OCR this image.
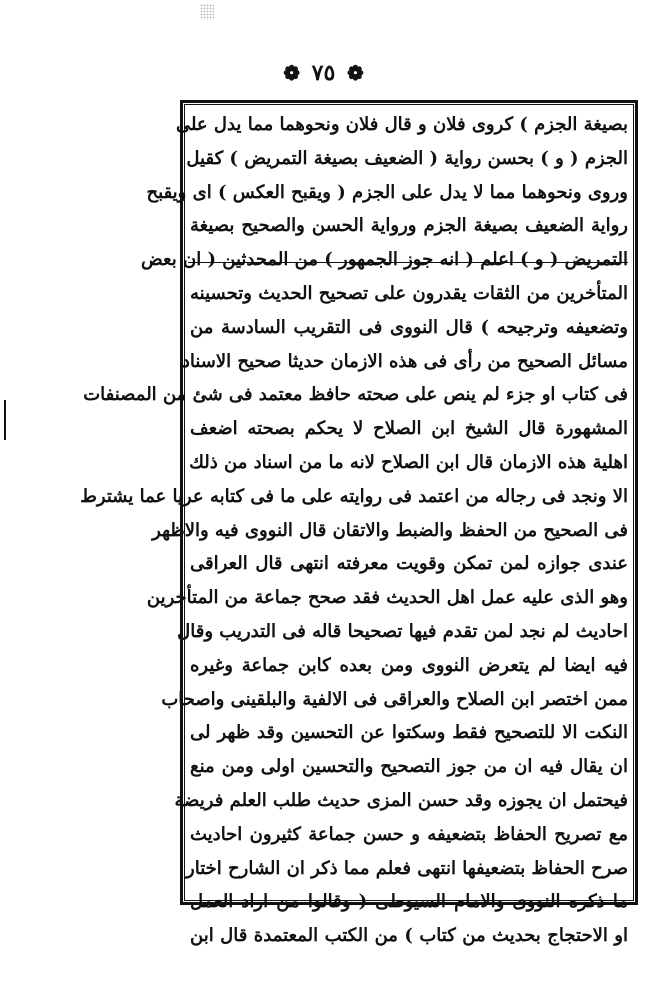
❁ ٧٥ ❁
بصيغة الجزم ) كروى فلان و قال فلان ونحوهما مما يدل على
الجزم ( و ) بحسن رواية ( الضعيف بصيغة التمريض ) كقيل
وروى ونحوهما مما لا يدل على الجزم ( ويقبح العكس ) اى ويقبح
رواية الضعيف بصيغة الجزم ورواية الحسن والصحيح بصيغة
التمريض ( و ) اعلم ( انه جوز الجمهور ) من المحدثين ( ان بعض
المتأخرين من الثقات يقدرون على تصحيح الحديث وتحسينه
وتضعيفه وترجيحه ) قال النووى فى التقريب السادسة من
مسائل الصحيح من رأى فى هذه الازمان حديثا صحيح الاسناد
فى كتاب او جزء لم ينص على صحته حافظ معتمد فى شئ من المصنفات
المشهورة قال الشيخ ابن الصلاح لا يحكم بصحته اضعف
اهلية هذه الازمان قال ابن الصلاح لانه ما من اسناد من ذلك
الا ونجد فى رجاله من اعتمد فى روايته على ما فى كتابه عريا عما يشترط
فى الصحيح من الحفظ والضبط والاتقان قال النووى فيه والاظهر
عندى جوازه لمن تمكن وقويت معرفته انتهى قال العراقى
وهو الذى عليه عمل اهل الحديث فقد صحح جماعة من المتأخرين
احاديث لم نجد لمن تقدم فيها تصحيحا قاله فى التدريب وقال
فيه ايضا لم يتعرض النووى ومن بعده كابن جماعة وغيره
ممن اختصر ابن الصلاح والعراقى فى الالفية والبلقينى واصحاب
النكت الا للتصحيح فقط وسكتوا عن التحسين وقد ظهر لى
ان يقال فيه ان من جوز التصحيح والتحسين اولى ومن منع
فيحتمل ان يجوزه وقد حسن المزى حديث طلب العلم فريضة
مع تصريح الحفاظ بتضعيفه و حسن جماعة كثيرون احاديث
صرح الحفاظ بتضعيفها انتهى فعلم مما ذكر ان الشارح اختار
ما ذكره النووى والامام السيوطى ( وقالوا من اراد العمل
او الاحتجاج بحديث من كتاب ) من الكتب المعتمدة قال ابن
